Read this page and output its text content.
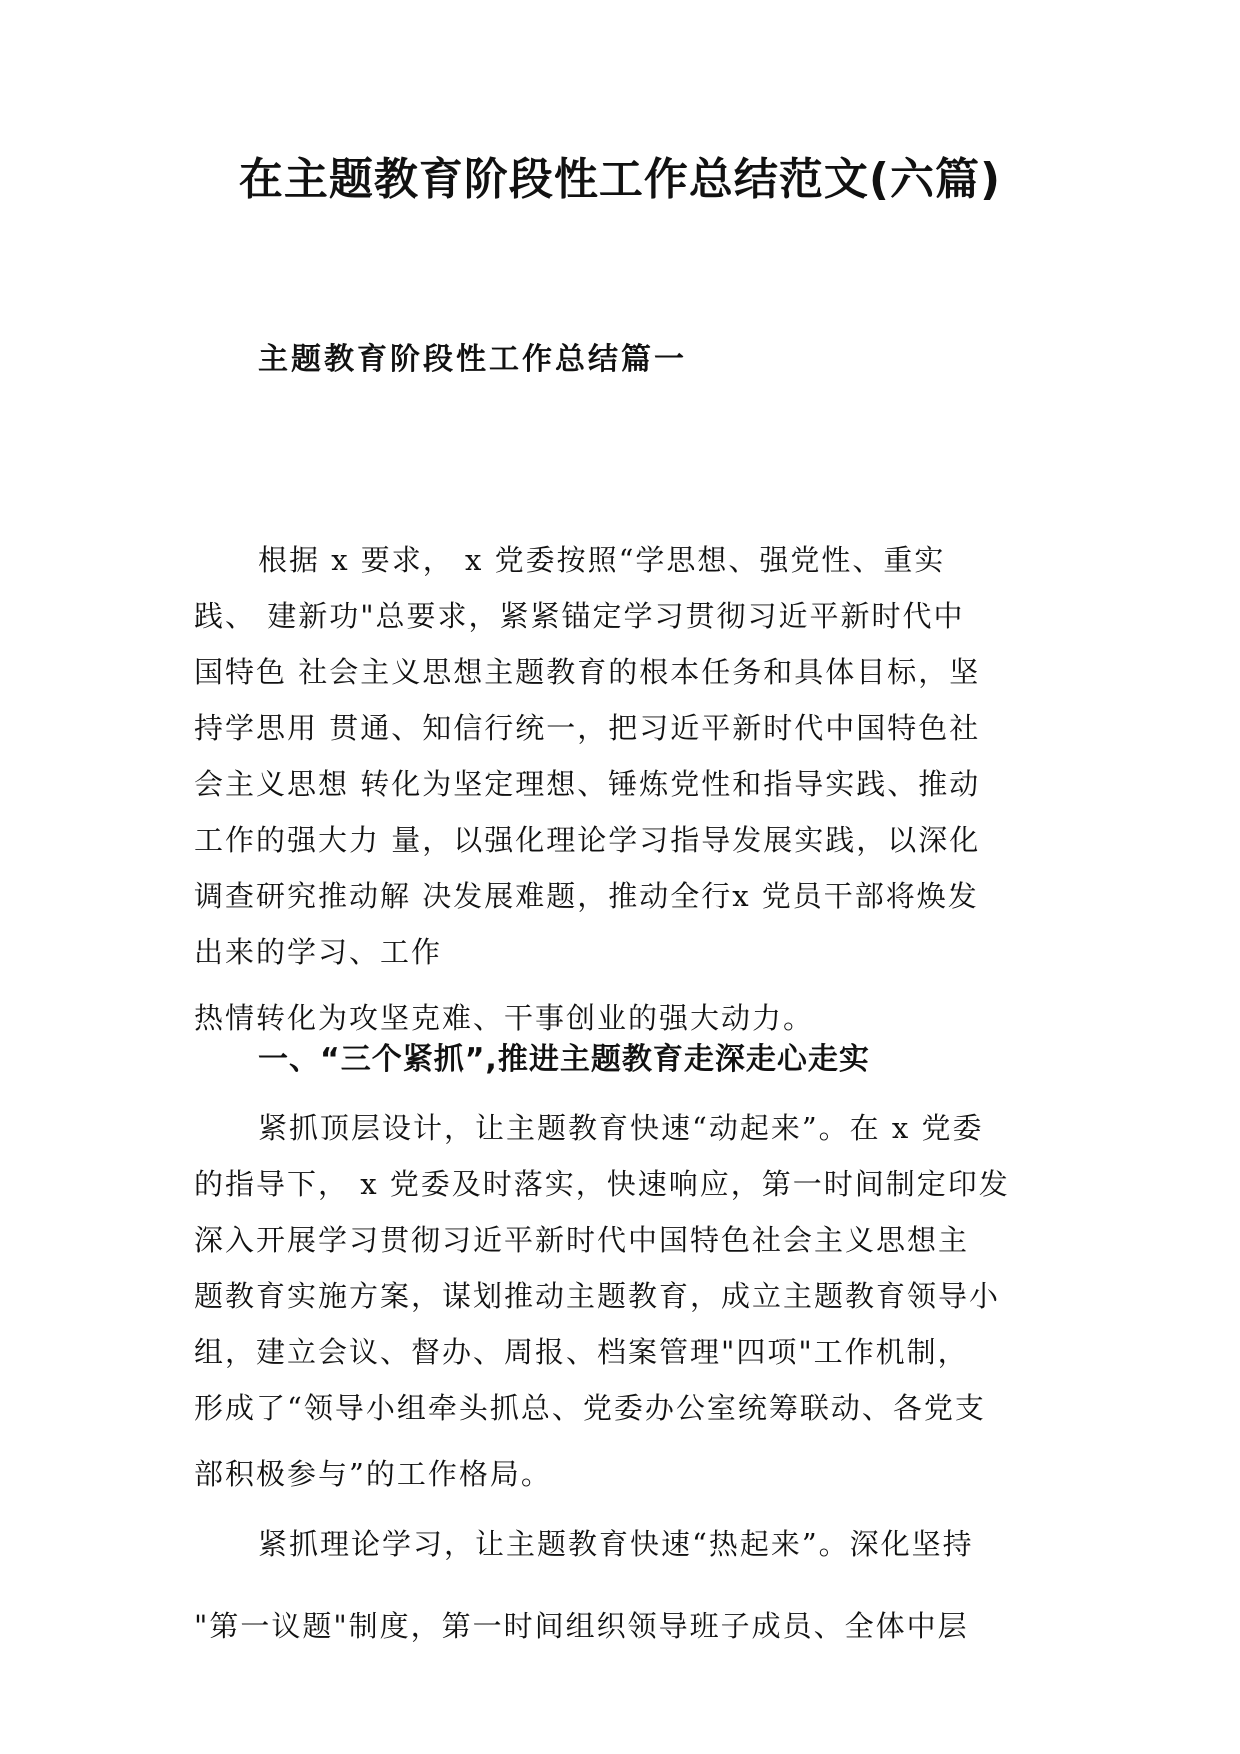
在主题教育阶段性工作总结范文(六篇)
主题教育阶段性工作总结篇一

根据 x 要求， x 党委按照“学思想、强党性、重实

践、 建新功"总要求，紧紧锚定学习贯彻习近平新时代中

国特色 社会主义思想主题教育的根本任务和具体目标，坚

持学思用 贯通、知信行统一，把习近平新时代中国特色社

会主义思想 转化为坚定理想、锤炼党性和指导实践、推动

工作的强大力 量，以强化理论学习指导发展实践，以深化

调查研究推动解 决发展难题，推动全行x 党员干部将焕发

出来的学习、工作

热情转化为攻坚克难、干事创业的强大动力。

一、“三个紧抓”,推进主题教育走深走心走实

紧抓顶层设计，让主题教育快速“动起来”。在 x 党委

的指导下， x 党委及时落实，快速响应，第一时间制定印发

深入开展学习贯彻习近平新时代中国特色社会主义思想主

题教育实施方案，谋划推动主题教育，成立主题教育领导小

组，建立会议、督办、周报、档案管理"四项"工作机制，

形成了“领导小组牵头抓总、党委办公室统筹联动、各党支

部积极参与”的工作格局。

紧抓理论学习，让主题教育快速“热起来”。深化坚持

"第一议题"制度，第一时间组织领导班子成员、全体中层
